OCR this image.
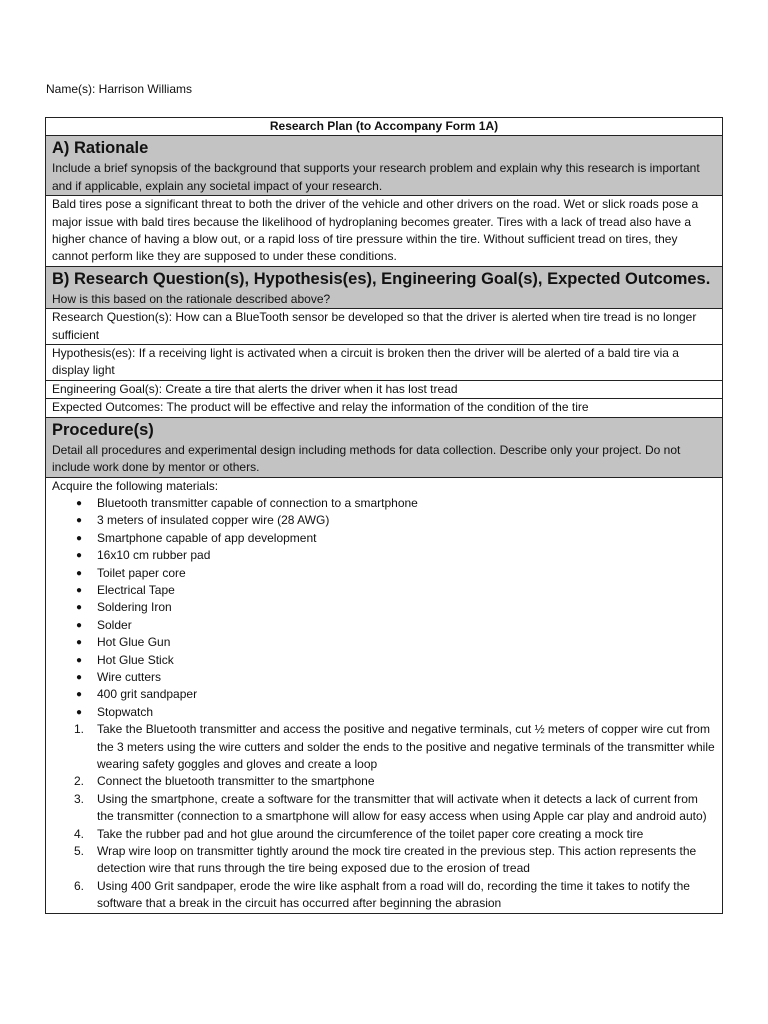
Name(s): Harrison Williams
Research Plan (to Accompany Form 1A)

A) Rationale
Include a brief synopsis of the background that supports your research problem and explain why this research is important and if applicable, explain any societal impact of your research.

Bald tires pose a significant threat to both the driver of the vehicle and other drivers on the road. Wet or slick roads pose a major issue with bald tires because the likelihood of hydroplaning becomes greater. Tires with a lack of tread also have a higher chance of having a blow out, or a rapid loss of tire pressure within the tire. Without sufficient tread on tires, they cannot perform like they are supposed to under these conditions.

B) Research Question(s), Hypothesis(es), Engineering Goal(s), Expected Outcomes.
How is this based on the rationale described above?

Research Question(s): How can a BlueTooth sensor be developed so that the driver is alerted when tire tread is no longer sufficient
Hypothesis(es): If a receiving light is activated when a circuit is broken then the driver will be alerted of a bald tire via a display light
Engineering Goal(s): Create a tire that alerts the driver when it has lost tread
Expected Outcomes: The product will be effective and relay the information of the condition of the tire

Procedure(s)
Detail all procedures and experimental design including methods for data collection. Describe only your project. Do not include work done by mentor or others.

Acquire the following materials:
● Bluetooth transmitter capable of connection to a smartphone
● 3 meters of insulated copper wire (28 AWG)
● Smartphone capable of app development
● 16x10 cm rubber pad
● Toilet paper core
● Electrical Tape
● Soldering Iron
● Solder
● Hot Glue Gun
● Hot Glue Stick
● Wire cutters
● 400 grit sandpaper
● Stopwatch
1. Take the Bluetooth transmitter and access the positive and negative terminals, cut ½ meters of copper wire cut from the 3 meters using the wire cutters and solder the ends to the positive and negative terminals of the transmitter while wearing safety goggles and gloves and create a loop
2. Connect the bluetooth transmitter to the smartphone
3. Using the smartphone, create a software for the transmitter that will activate when it detects a lack of current from the transmitter (connection to a smartphone will allow for easy access when using Apple car play and android auto)
4. Take the rubber pad and hot glue around the circumference of the toilet paper core creating a mock tire
5. Wrap wire loop on transmitter tightly around the mock tire created in the previous step. This action represents the detection wire that runs through the tire being exposed due to the erosion of tread
6. Using 400 Grit sandpaper, erode the wire like asphalt from a road will do, recording the time it takes to notify the software that a break in the circuit has occurred after beginning the abrasion
